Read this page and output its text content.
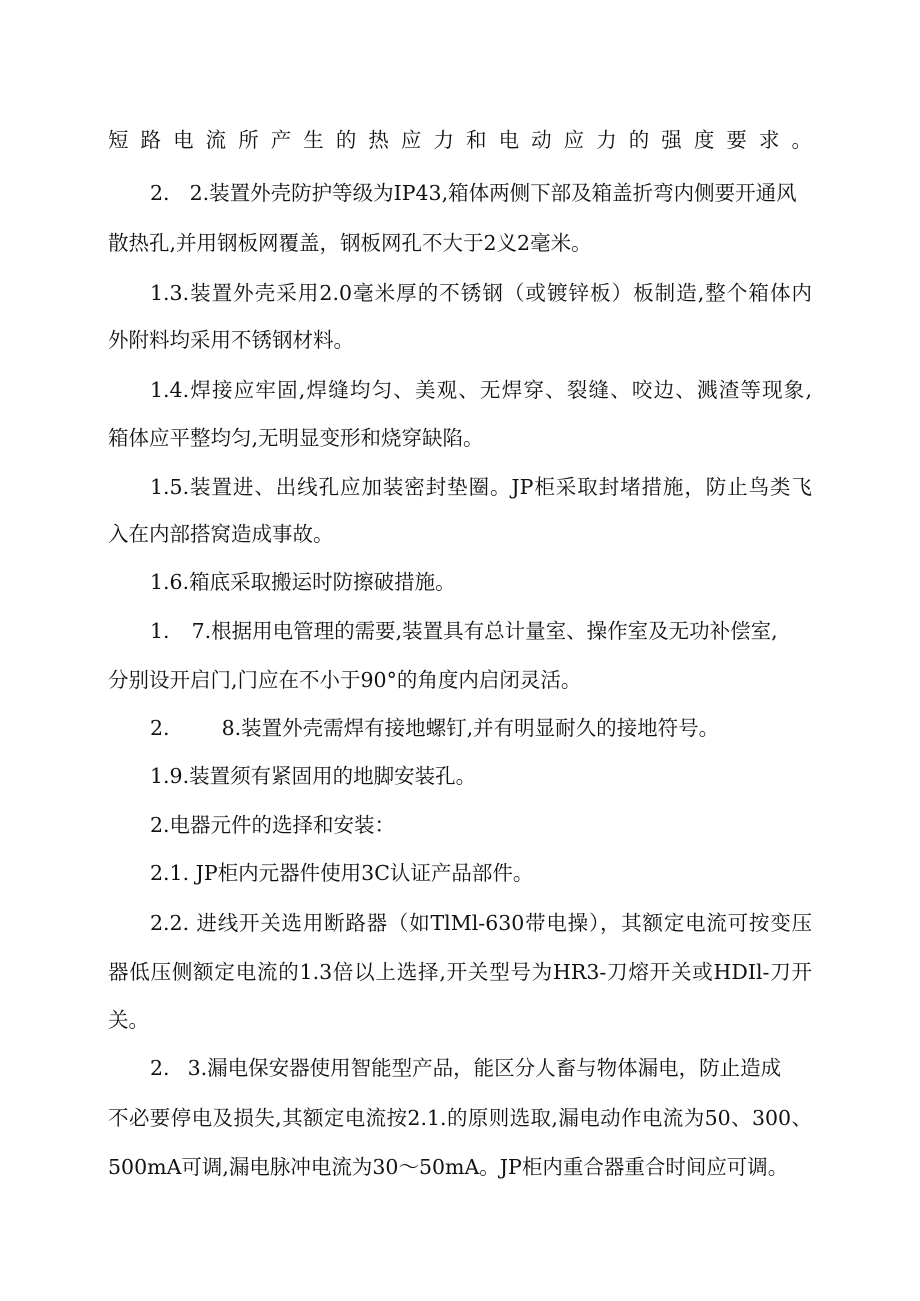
短路电流所产生的热应力和电动应力的强度要求。
2. 2.装置外壳防护等级为IP43,箱体两侧下部及箱盖折弯内侧要开通风
散热孔,并用钢板网覆盖，钢板网孔不大于2义2毫米。
1.3.装置外壳采用2.0毫米厚的不锈钢（或镀锌板）板制造,整个箱体内
外附料均采用不锈钢材料。
1.4.焊接应牢固,焊缝均匀、美观、无焊穿、裂缝、咬边、溅渣等现象,
箱体应平整均匀,无明显变形和烧穿缺陷。
1.5.装置进、出线孔应加装密封垫圈。JP柜采取封堵措施，防止鸟类飞
入在内部搭窝造成事故。
1.6.箱底采取搬运时防擦破措施。
1. 7.根据用电管理的需要,装置具有总计量室、操作室及无功补偿室,
分别设开启门,门应在不小于90°的角度内启闭灵活。
2.	8.装置外壳需焊有接地螺钉,并有明显耐久的接地符号。
1.9.装置须有紧固用的地脚安装孔。
2.电器元件的选择和安装：
2.1. JP柜内元器件使用3C认证产品部件。
2.2. 进线开关选用断路器（如TlMl-630带电操），其额定电流可按变压
器低压侧额定电流的1.3倍以上选择,开关型号为HR3-刀熔开关或HDIl-刀开
关。
2. 3.漏电保安器使用智能型产品，能区分人畜与物体漏电，防止造成
不必要停电及损失,其额定电流按2.1.的原则选取,漏电动作电流为50、300、
500mA可调,漏电脉冲电流为30～50mA。JP柜内重合器重合时间应可调。
